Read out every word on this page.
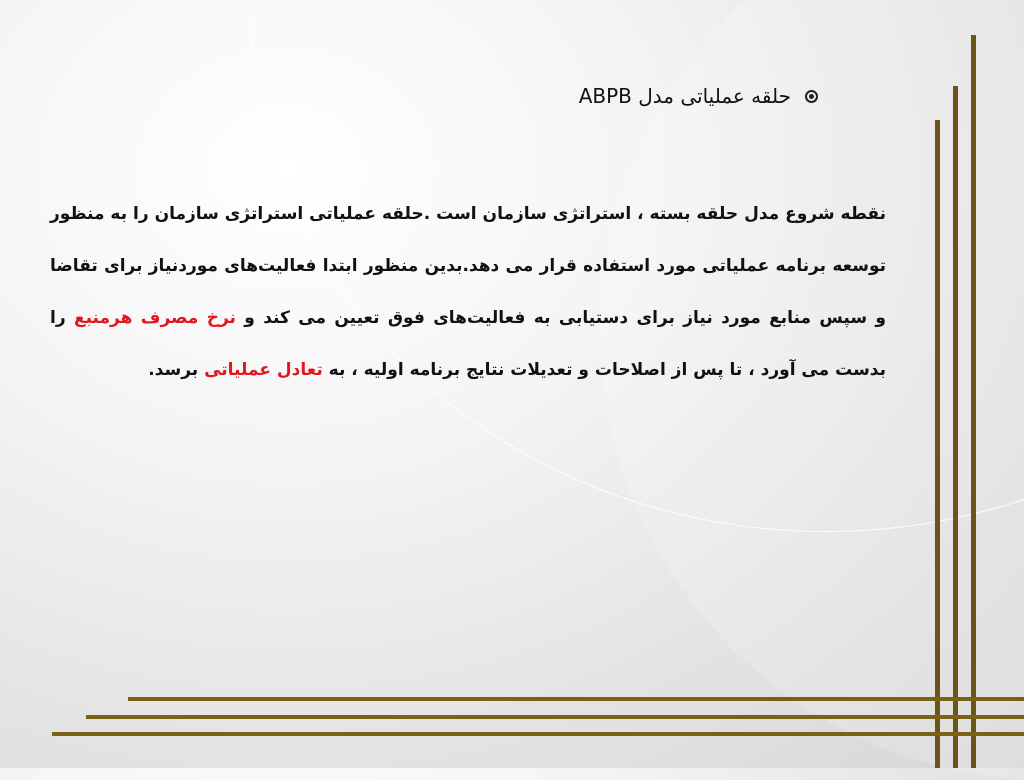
حلقه عملیاتی مدل ABPB
نقطه شروع مدل حلقه بسته ، استراتژی سازمان است .حلقه عملیاتی استراتژی سازمان را به منظور توسعه برنامه عملیاتی مورد استفاده قرار می دهد.بدین منظور ابتدا فعالیت‌های موردنیاز برای تقاضا و سپس منابع مورد نیاز برای دستیابی به فعالیت‌های فوق تعیین می کند و نرخ مصرف هرمنبع را بدست می آورد ، تا پس از اصلاحات و تعدیلات نتایج برنامه اولیه ، به تعادل عملیاتی برسد.
